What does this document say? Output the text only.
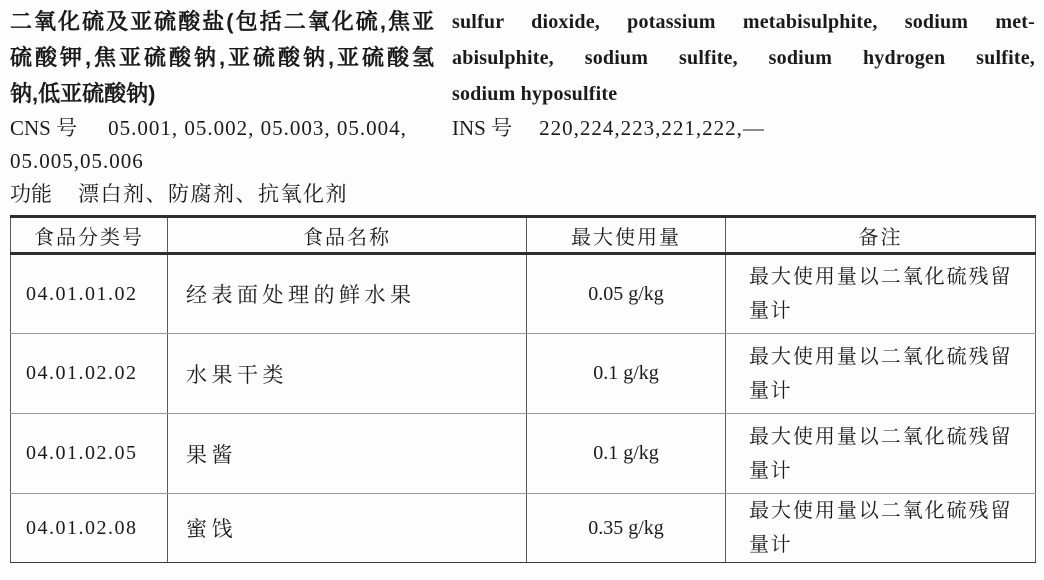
二氧化硫及亚硫酸盐(包括二氧化硫,焦亚
硫酸钾,焦亚硫酸钠,亚硫酸钠,亚硫酸氢
钠,低亚硫酸钠)
CNS 号 05.001, 05.002, 05.003, 05.004,
05.005,05.006
功能 漂白剂、防腐剂、抗氧化剂
sulfur dioxide, potassium metabisulphite, sodium met-
abisulphite, sodium sulfite, sodium hydrogen sulfite,
sodium hyposulfite
INS 号 220,224,223,221,222,—
食品分类号	食品名称	最大使用量	备注
04.01.01.02	经表面处理的鲜水果	0.05 g/kg	最大使用量以二氧化硫残留量计
04.01.02.02	水果干类	0.1 g/kg	最大使用量以二氧化硫残留量计
04.01.02.05	果酱	0.1 g/kg	最大使用量以二氧化硫残留量计
04.01.02.08	蜜饯	0.35 g/kg	最大使用量以二氧化硫残留量计
